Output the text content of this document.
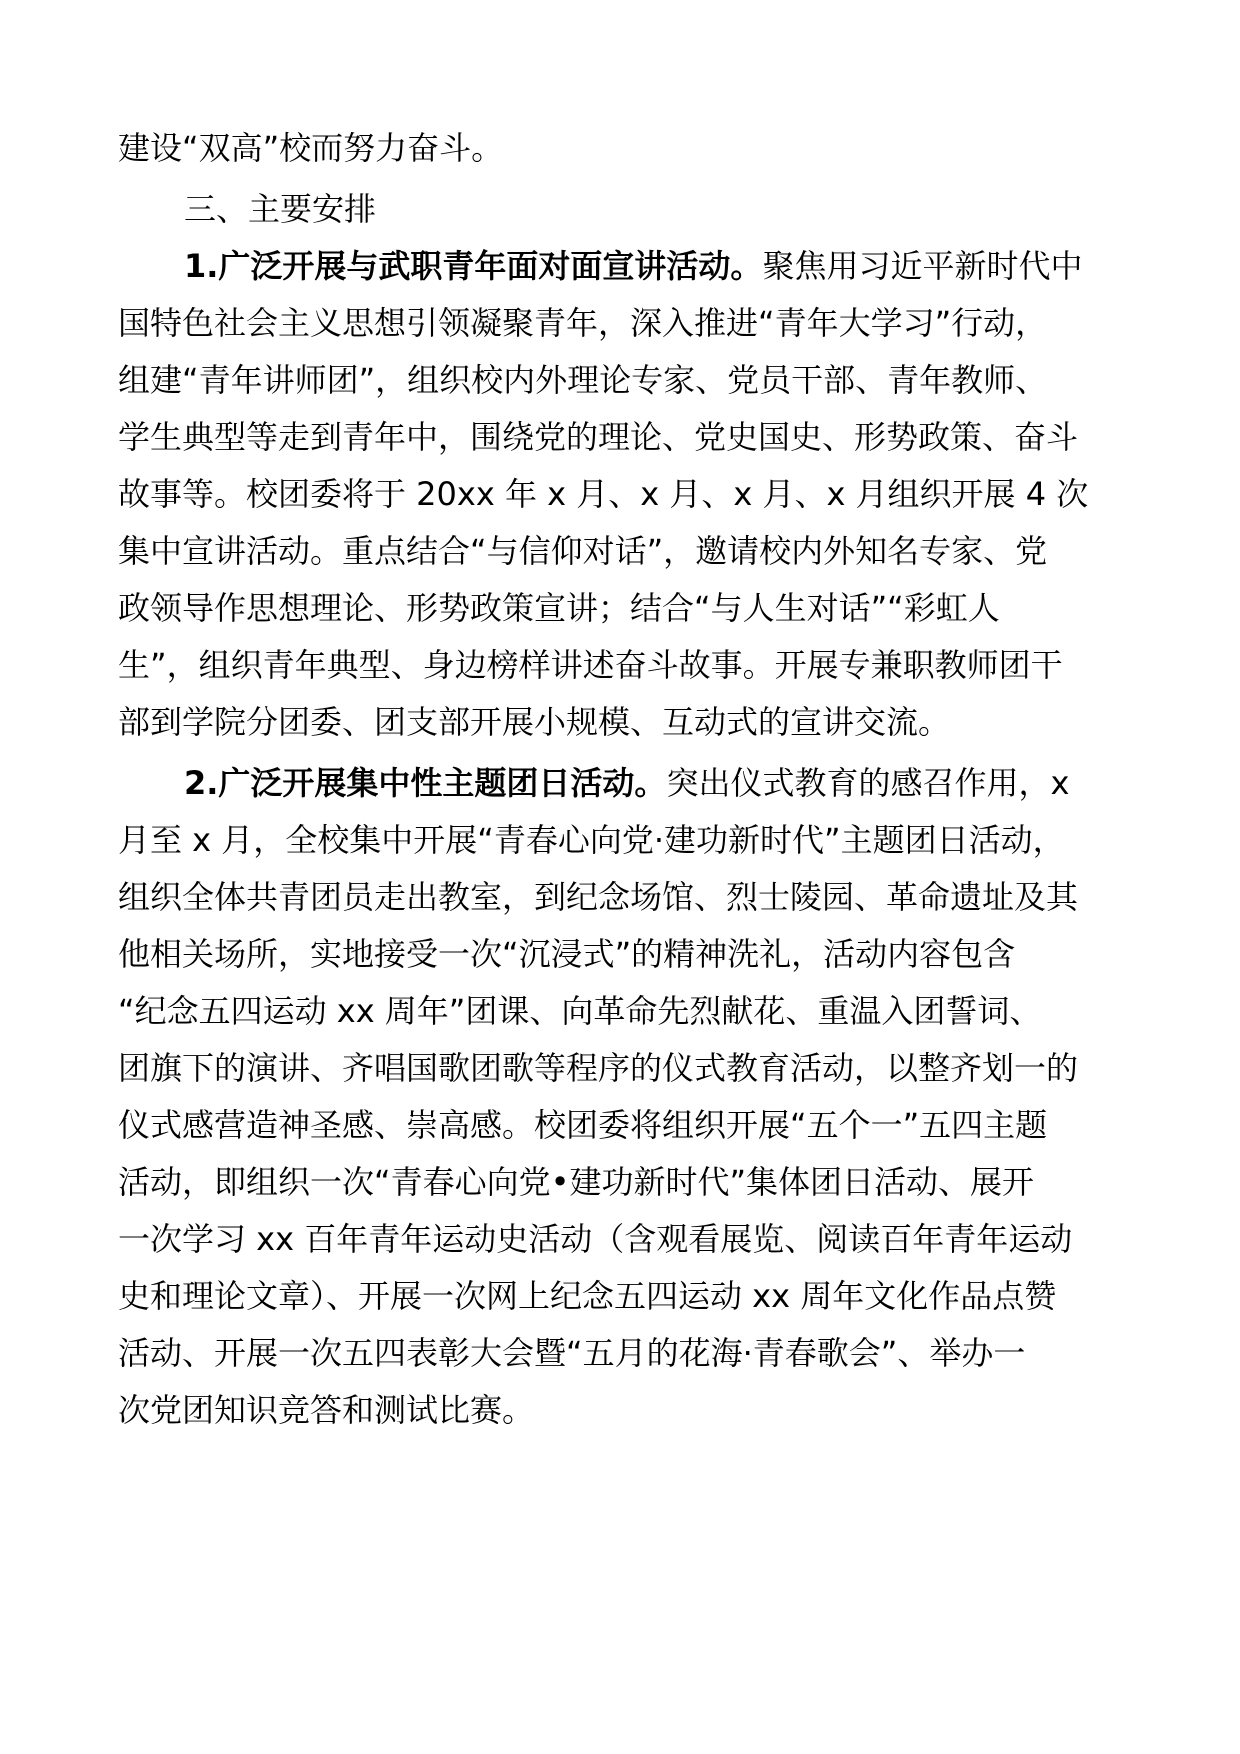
建设“双高”校而努力奋斗。

三、主要安排

1.广泛开展与武职青年面对面宣讲活动。聚焦用习近平新时代中

国特色社会主义思想引领凝聚青年，深入推进“青年大学习”行动，

组建“青年讲师团”，组织校内外理论专家、党员干部、青年教师、

学生典型等走到青年中，围绕党的理论、党史国史、形势政策、奋斗

故事等。校团委将于 20xx 年 x 月、x 月、x 月、x 月组织开展 4 次

集中宣讲活动。重点结合“与信仰对话”，邀请校内外知名专家、党

政领导作思想理论、形势政策宣讲；结合“与人生对话”“彩虹人

生”，组织青年典型、身边榜样讲述奋斗故事。开展专兼职教师团干

部到学院分团委、团支部开展小规模、互动式的宣讲交流。

2.广泛开展集中性主题团日活动。突出仪式教育的感召作用，x

月至 x 月，全校集中开展“青春心向党·建功新时代”主题团日活动，

组织全体共青团员走出教室，到纪念场馆、烈士陵园、革命遗址及其

他相关场所，实地接受一次“沉浸式”的精神洗礼，活动内容包含

“纪念五四运动 xx 周年”团课、向革命先烈献花、重温入团誓词、

团旗下的演讲、齐唱国歌团歌等程序的仪式教育活动，以整齐划一的

仪式感营造神圣感、崇高感。校团委将组织开展“五个一”五四主题

活动，即组织一次“青春心向党•建功新时代”集体团日活动、展开

一次学习 xx 百年青年运动史活动（含观看展览、阅读百年青年运动

史和理论文章）、开展一次网上纪念五四运动 xx 周年文化作品点赞

活动、开展一次五四表彰大会暨“五月的花海·青春歌会”、举办一

次党团知识竞答和测试比赛。
